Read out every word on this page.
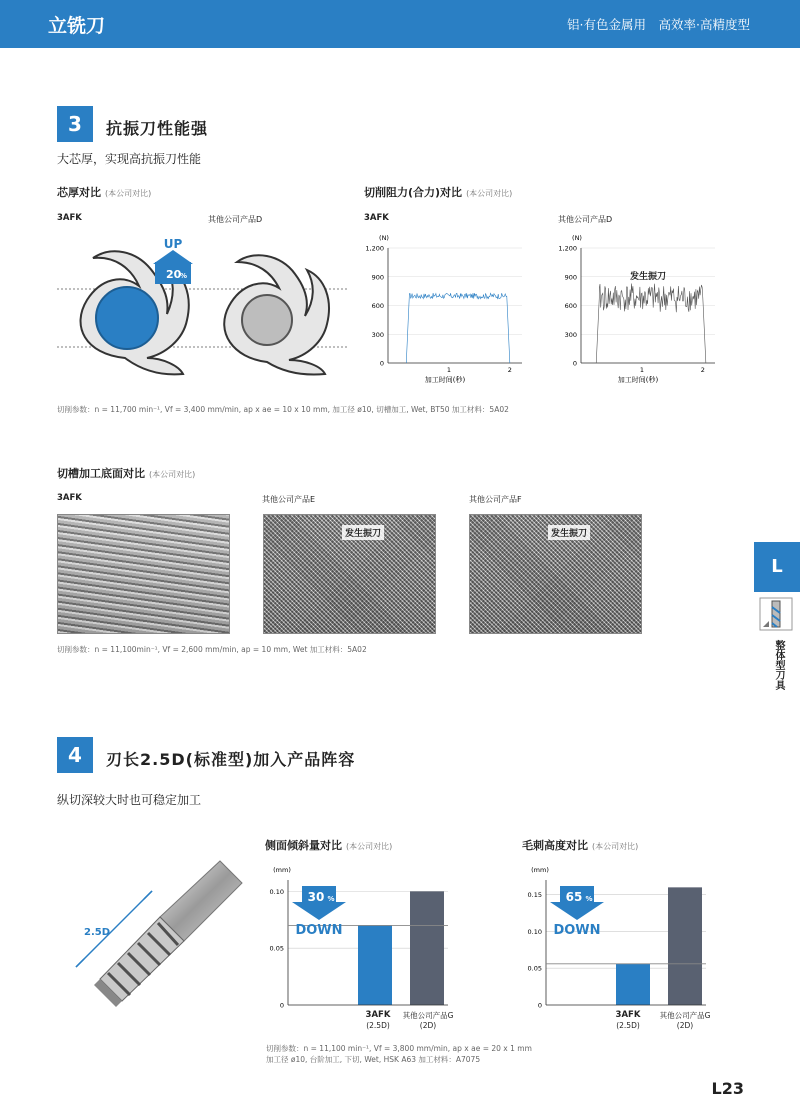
立铣刀	铝·有色金属用　高效率·高精度型
3	抗振刀性能强
大芯厚，实现高抗振刀性能
芯厚对比 (本公司对比)
3AFK	其他公司产品D
UP
20
%
切削阻力(合力)对比 (本公司对比)
3AFK	其他公司产品D
(N)
0
300
600
900
1,200
1	2
加工时间(秒)
(N)
0
300
600
900
1,200
1	2
加工时间(秒)
发生振刀
切削参数：n = 11,700 min⁻¹, Vf = 3,400 mm/min, ap x ae = 10 x 10 mm, 加工径 ø10, 切槽加工, Wet, BT50 加工材料：5A02
切槽加工底面对比 (本公司对比)
3AFK	其他公司产品E	其他公司产品F
发生振刀	发生振刀
切削参数：n = 11,100min⁻¹, Vf = 2,600 mm/min, ap = 10 mm, Wet 加工材料：5A02
L
整体型刀具
4	刃长2.5D(标准型)加入产品阵容
纵切深较大时也可稳定加工
2.5D
侧面倾斜量对比 (本公司对比)
(mm)
0
0.05
0.10 30 %
DOWN
3AFK
(2.5D)
其他公司产品G
(2D)
毛刺高度对比 (本公司对比)
(mm)
0
0.05
0.10
0.15 65 %
DOWN
3AFK
(2.5D)
其他公司产品G
(2D)
切削参数：n = 11,100 min⁻¹, Vf = 3,800 mm/min, ap x ae = 20 x 1 mm
加工径 ø10, 台阶加工, 下切, Wet, HSK A63 加工材料：A7075
L23
